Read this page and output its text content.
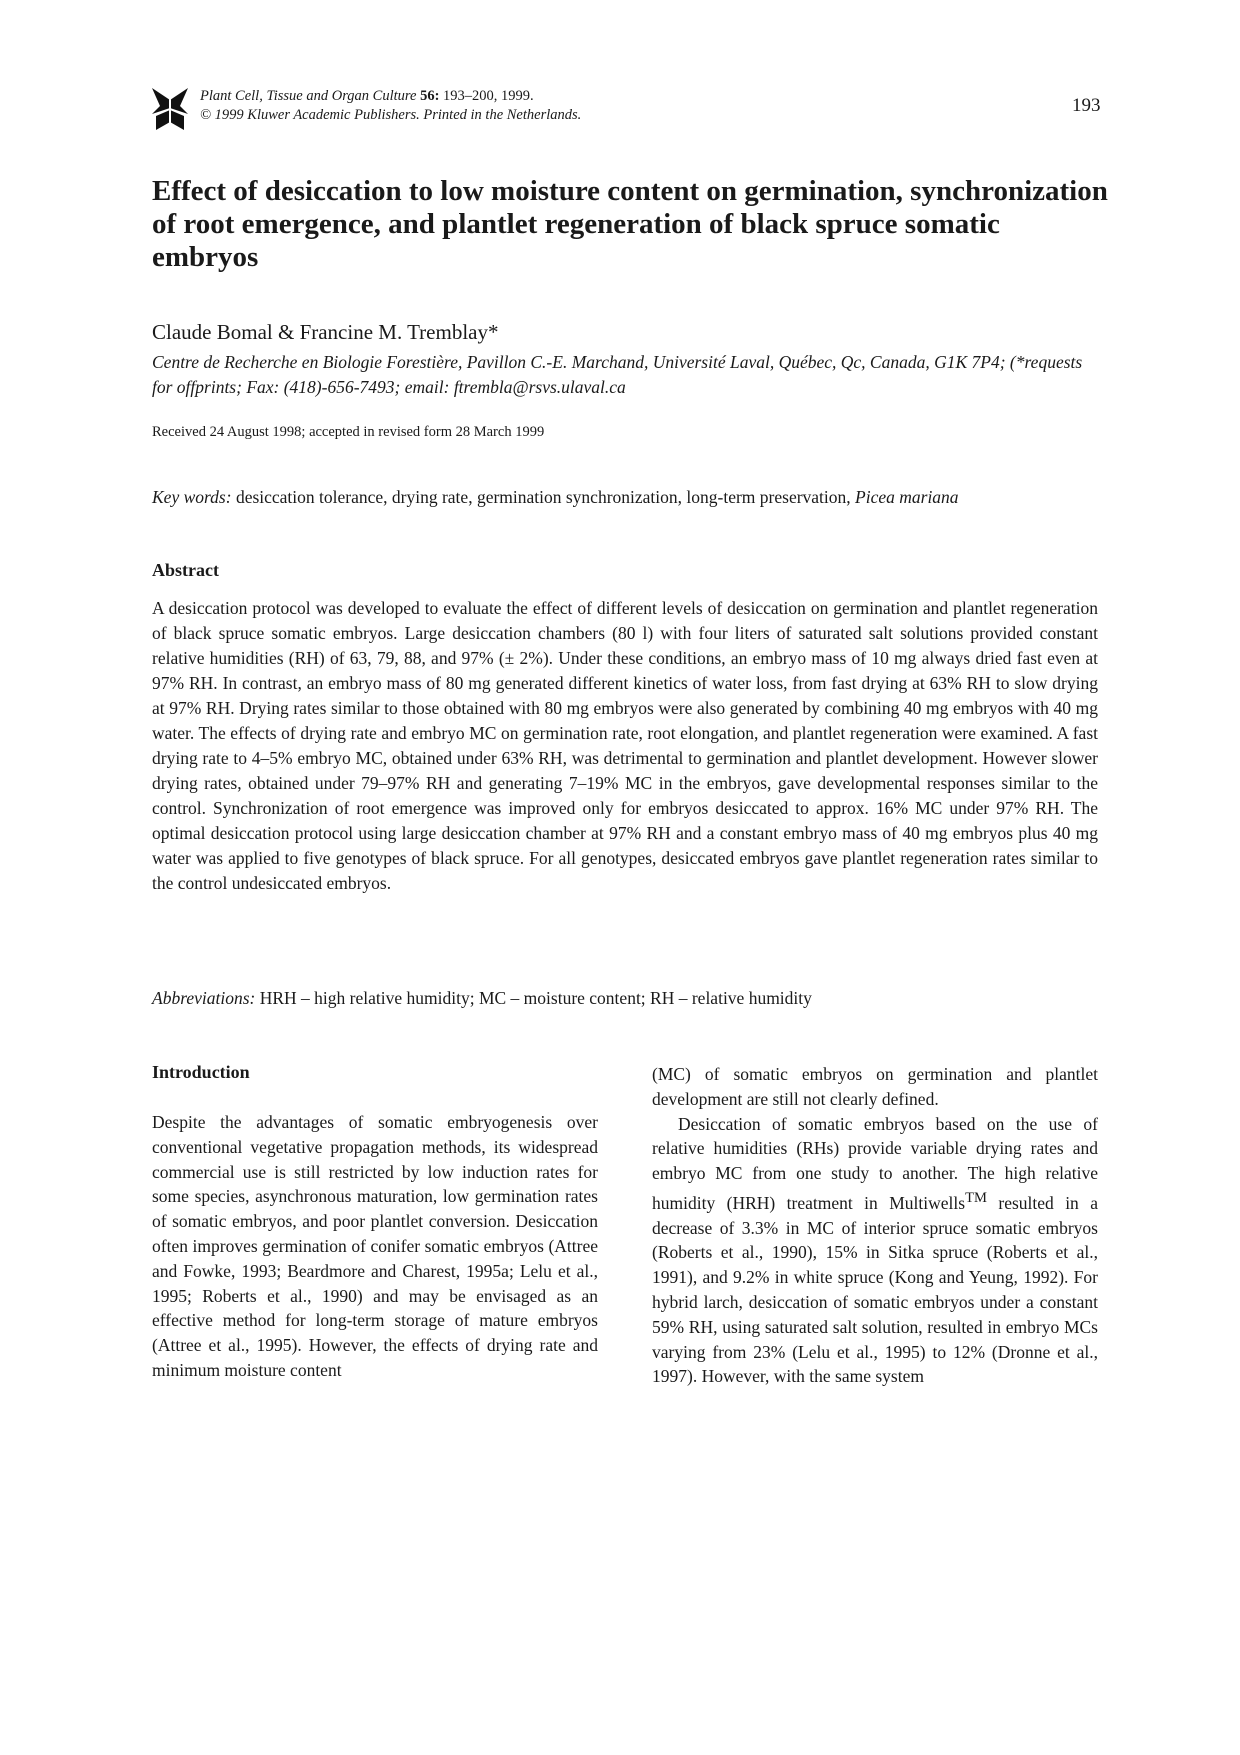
Plant Cell, Tissue and Organ Culture 56: 193–200, 1999.
© 1999 Kluwer Academic Publishers. Printed in the Netherlands.	193
Effect of desiccation to low moisture content on germination, synchronization of root emergence, and plantlet regeneration of black spruce somatic embryos
Claude Bomal & Francine M. Tremblay*
Centre de Recherche en Biologie Forestière, Pavillon C.-E. Marchand, Université Laval, Québec, Qc, Canada, G1K 7P4; (*requests for offprints; Fax: (418)-656-7493; email: ftrembla@rsvs.ulaval.ca
Received 24 August 1998; accepted in revised form 28 March 1999
Key words: desiccation tolerance, drying rate, germination synchronization, long-term preservation, Picea mariana
Abstract

A desiccation protocol was developed to evaluate the effect of different levels of desiccation on germination and plantlet regeneration of black spruce somatic embryos. Large desiccation chambers (80 l) with four liters of saturated salt solutions provided constant relative humidities (RH) of 63, 79, 88, and 97% (± 2%). Under these conditions, an embryo mass of 10 mg always dried fast even at 97% RH. In contrast, an embryo mass of 80 mg generated different kinetics of water loss, from fast drying at 63% RH to slow drying at 97% RH. Drying rates similar to those obtained with 80 mg embryos were also generated by combining 40 mg embryos with 40 mg water. The effects of drying rate and embryo MC on germination rate, root elongation, and plantlet regeneration were examined. A fast drying rate to 4–5% embryo MC, obtained under 63% RH, was detrimental to germination and plantlet development. However slower drying rates, obtained under 79–97% RH and generating 7–19% MC in the embryos, gave developmental responses similar to the control. Synchronization of root emergence was improved only for embryos desiccated to approx. 16% MC under 97% RH. The optimal desiccation protocol using large desiccation chamber at 97% RH and a constant embryo mass of 40 mg embryos plus 40 mg water was applied to five genotypes of black spruce. For all genotypes, desiccated embryos gave plantlet regeneration rates similar to the control undesiccated embryos.

Abbreviations: HRH – high relative humidity; MC – moisture content; RH – relative humidity
Introduction

Despite the advantages of somatic embryogenesis over conventional vegetative propagation methods, its widespread commercial use is still restricted by low induction rates for some species, asynchronous maturation, low germination rates of somatic embryos, and poor plantlet conversion. Desiccation often improves germination of conifer somatic embryos (Attree and Fowke, 1993; Beardmore and Charest, 1995a; Lelu et al., 1995; Roberts et al., 1990) and may be envisaged as an effective method for long-term storage of mature embryos (Attree et al., 1995). However, the effects of drying rate and minimum moisture content

(MC) of somatic embryos on germination and plantlet development are still not clearly defined.

Desiccation of somatic embryos based on the use of relative humidities (RHs) provide variable drying rates and embryo MC from one study to another. The high relative humidity (HRH) treatment in Multiwells™ resulted in a decrease of 3.3% in MC of interior spruce somatic embryos (Roberts et al., 1990), 15% in Sitka spruce (Roberts et al., 1991), and 9.2% in white spruce (Kong and Yeung, 1992). For hybrid larch, desiccation of somatic embryos under a constant 59% RH, using saturated salt solution, resulted in embryo MCs varying from 23% (Lelu et al., 1995) to 12% (Dronne et al., 1997). However, with the same system
